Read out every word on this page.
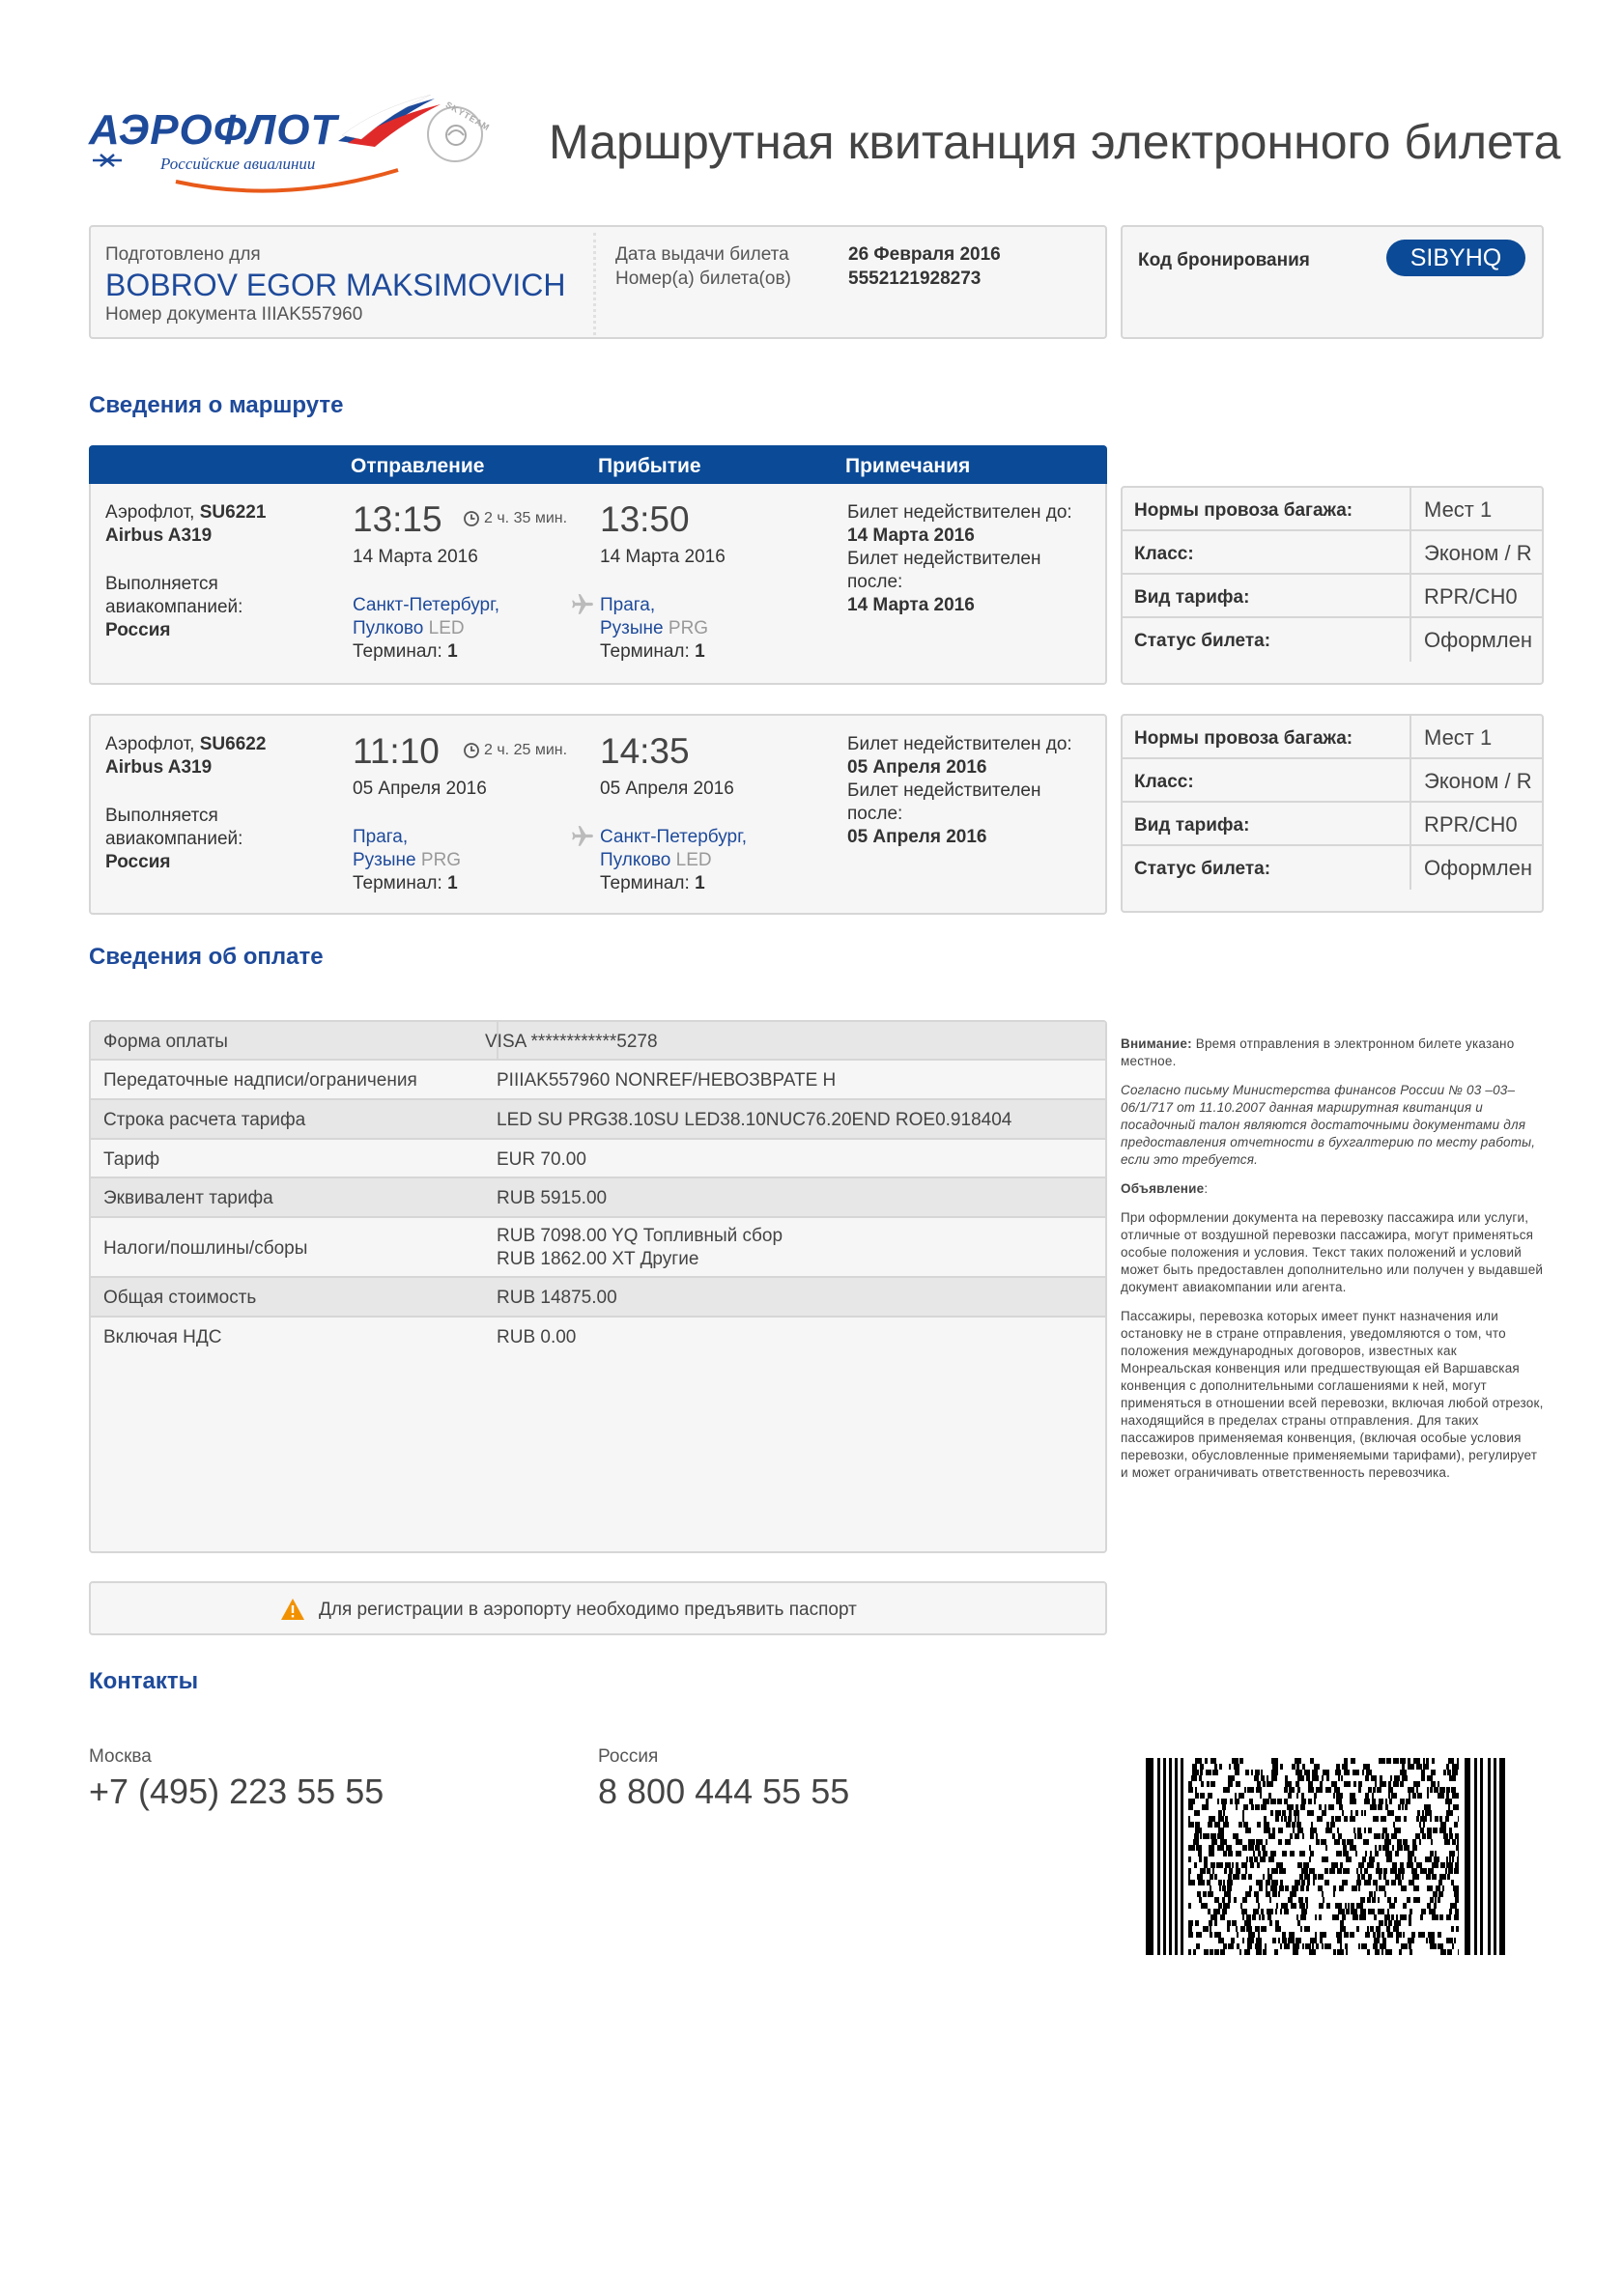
АЭРОФЛОТ
Российские авиалинии
SKYTEAM Маршрутная квитанция электронного билета
Подготовлено для
BOBROV EGOR MAKSIMOVICH
Номер документа IIIAK557960
Дата выдачи билета
Номер(а) билета(ов)
26 Февраля 2016
5552121928273
Код бронирования	SIBYHQ
Сведения о маршруте
Отправление	Прибытие	Примечания
Аэрофлот, SU6221
Airbus A319
Выполняется авиакомпанией:
Россия
13:15	2 ч. 35 мин.
14 Марта 2016
Санкт-Петербург,
Пулково LED
Терминал: 1
13:50
14 Марта 2016
Прага,
Рузыне PRG
Терминал: 1
Билет недействителен до:
14 Марта 2016
Билет недействителен после:
14 Марта 2016
Нормы провоза багажа:	Мест 1
Класс:	Эконом / R
Вид тарифа:	RPR/CH0
Статус билета:	Оформлен
Аэрофлот, SU6622
Airbus A319
Выполняется авиакомпанией:
Россия
11:10	2 ч. 25 мин.
05 Апреля 2016
Прага,
Рузыне PRG
Терминал: 1
14:35
05 Апреля 2016
Санкт-Петербург,
Пулково LED
Терминал: 1
Билет недействителен до:
05 Апреля 2016
Билет недействителен после:
05 Апреля 2016
Нормы провоза багажа:	Мест 1
Класс:	Эконом / R
Вид тарифа:	RPR/CH0
Статус билета:	Оформлен
Сведения об оплате
Форма оплаты	VISA ************5278
Передаточные надписи/ограничения	PIIIAK557960 NONREF/НЕВОЗВРАТЕ Н
Строка расчета тарифа	LED SU PRG38.10SU LED38.10NUC76.20END ROE0.918404
Тариф	EUR 70.00
Эквивалент тарифа	RUB 5915.00
Налоги/пошлины/сборы
RUB 7098.00 YQ Топливный сбор
RUB 1862.00 XT Другие
Общая стоимость	RUB 14875.00
Включая НДС	RUB 0.00

Внимание: Время отправления в электронном билете указано местное.

Согласно письму Министерства финансов России № 03 –03–06/1/717 от 11.10.2007 данная маршрутная квитанция и посадочный талон являются достаточными документами для предоставления отчетности в бухгалтерию по месту работы, если это требуется.

Объявление:

При оформлении документа на перевозку пассажира или услуги, отличные от воздушной перевозки пассажира, могут применяться особые положения и условия. Текст таких положений и условий может быть предоставлен дополнительно или получен у выдавшей документ авиакомпании или агента.

Пассажиры, перевозка которых имеет пункт назначения или остановку не в стране отправления, уведомляются о том, что положения международных договоров, известных как Монреальская конвенция или предшествующая ей Варшавская конвенция с дополнительными соглашениями к ней, могут применяться в отношении всей перевозки, включая любой отрезок, находящийся в пределах страны отправления. Для таких пассажиров применяемая конвенция, (включая особые условия перевозки, обусловленные применяемыми тарифами), регулирует и может ограничивать ответственность перевозчика.

Для регистрации в аэропорту необходимо предъявить паспорт
Контакты
Москва
+7 (495) 223 55 55
Россия
8 800 444 55 55
